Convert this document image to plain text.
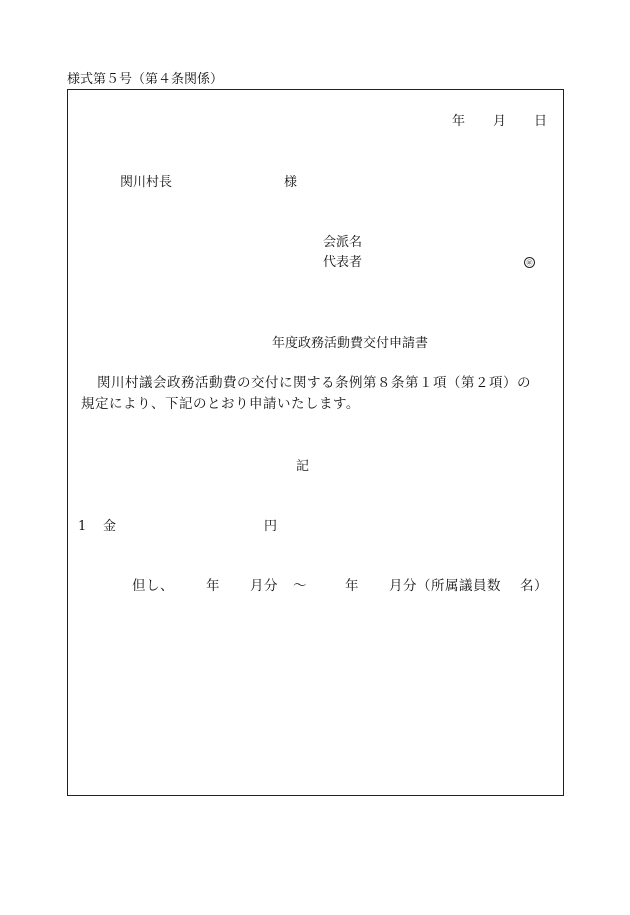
様式第５号（第４条関係）
年 月 日
関川村長	様
会派名
代表者	㊞
年度政務活動費交付申請書
関川村議会政務活動費の交付に関する条例第８条第１項（第２項）の
規定により、下記のとおり申請いたします。
記
1 金	円
但し、 年 月分 ～	年 月分（所属議員数 名）
